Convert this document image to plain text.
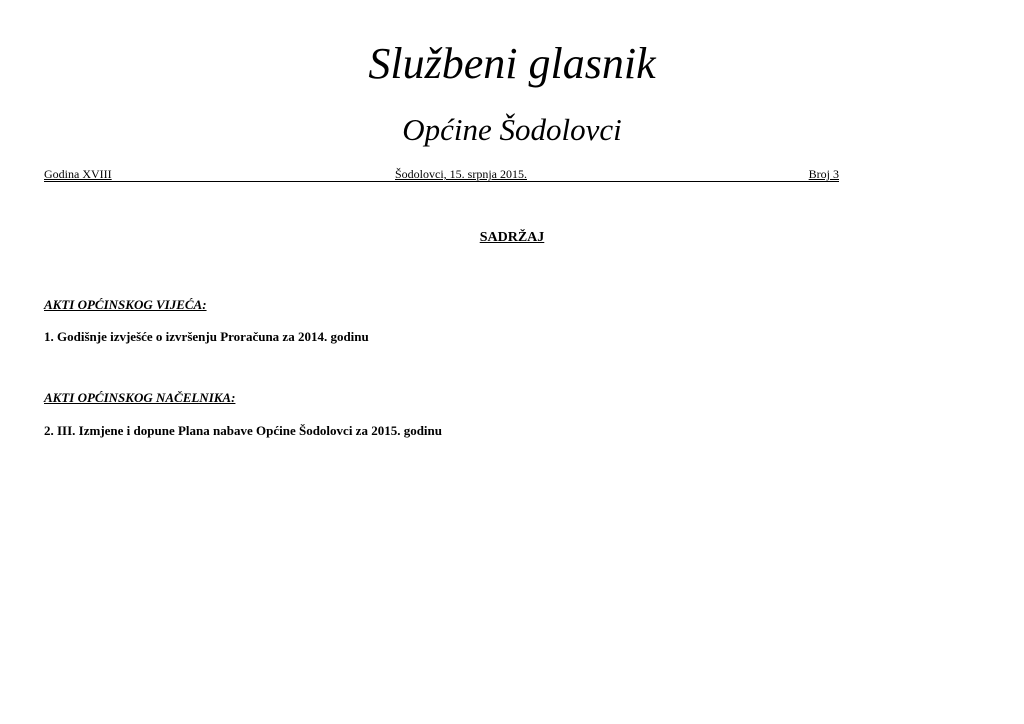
Službeni glasnik
Općine Šodolovci
Godina XVIII	Šodolovci, 15. srpnja 2015.	Broj 3
SADRŽAJ
AKTI OPĆINSKOG VIJEĆA:
1. Godišnje izvješće o izvršenju Proračuna za 2014. godinu
AKTI OPĆINSKOG NAČELNIKA:
2. III. Izmjene i dopune Plana nabave Općine Šodolovci za 2015. godinu
